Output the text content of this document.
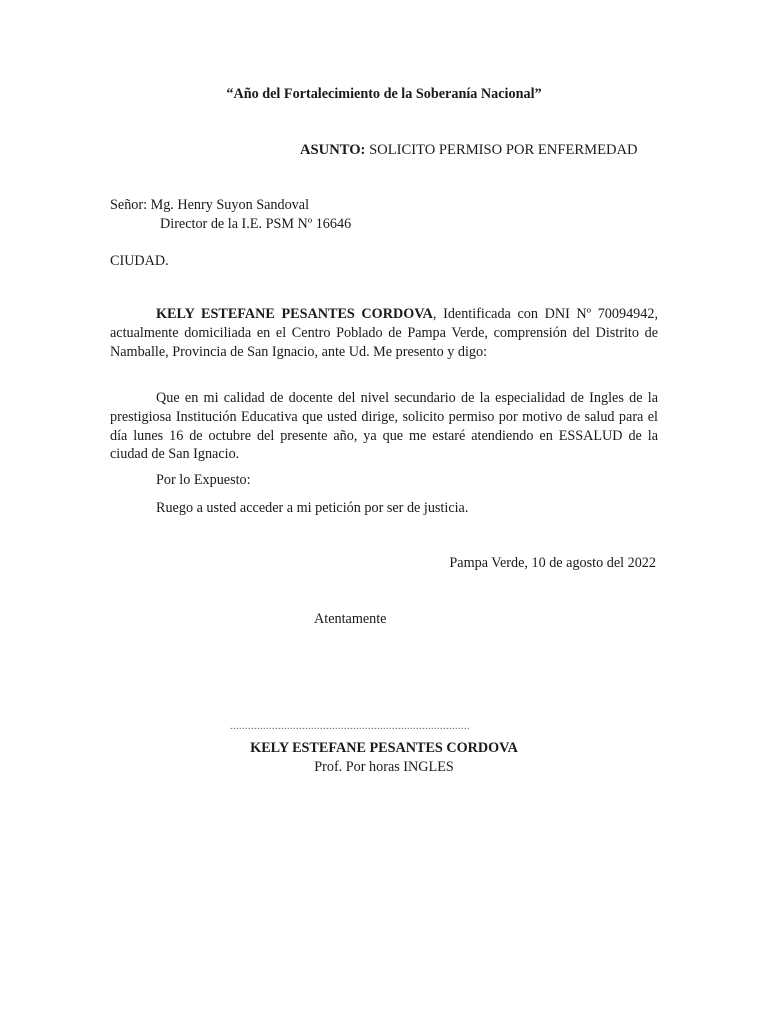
“Año del Fortalecimiento de la Soberanía Nacional”
ASUNTO: SOLICITO PERMISO POR ENFERMEDAD
Señor: Mg. Henry Suyon Sandoval
Director de la I.E. PSM Nº 16646
CIUDAD.

KELY ESTEFANE PESANTES CORDOVA, Identificada con DNI Nº 70094942, actualmente domiciliada en el Centro Poblado de Pampa Verde, comprensión del Distrito de Namballe, Provincia de San Ignacio, ante Ud. Me presento y digo:

Que en mi calidad de docente del nivel secundario de la especialidad de Ingles de la prestigiosa Institución Educativa que usted dirige, solicito permiso por motivo de salud para el día lunes 16 de octubre del presente año, ya que me estaré atendiendo en ESSALUD de la ciudad de San Ignacio.

Por lo Expuesto:
Ruego a usted acceder a mi petición por ser de justicia.
Pampa Verde, 10 de agosto del 2022
Atentamente
................................................................................
KELY ESTEFANE PESANTES CORDOVA
Prof. Por horas INGLES
